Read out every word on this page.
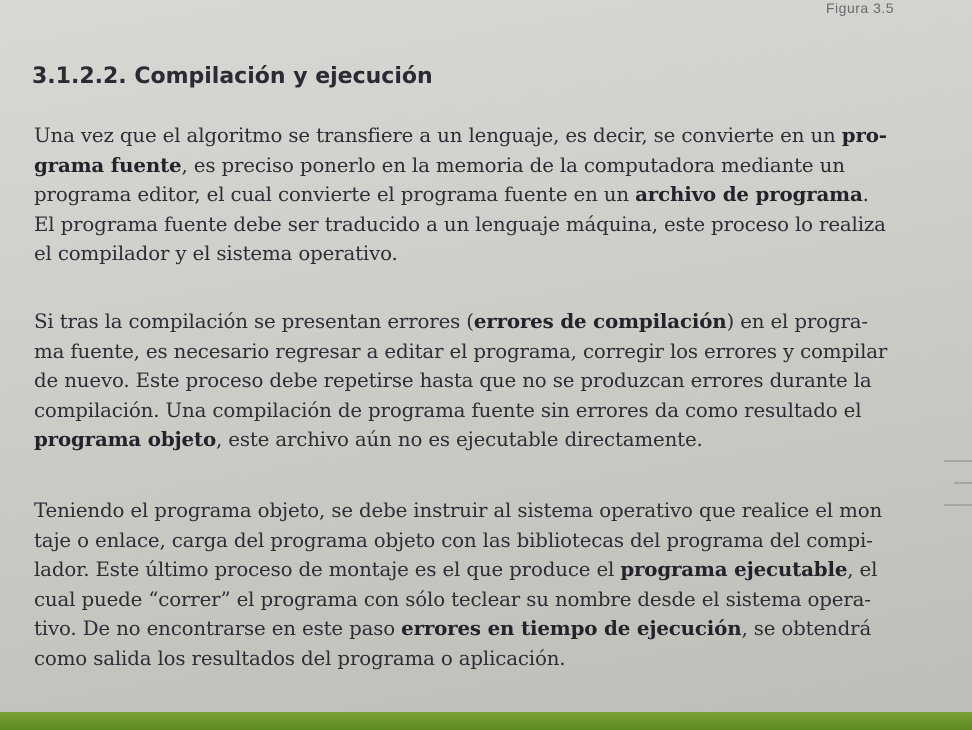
Figura 3.5
3.1.2.2. Compilación y ejecución

Una vez que el algoritmo se transfiere a un lenguaje, es decir, se convierte en un pro-
grama fuente, es preciso ponerlo en la memoria de la computadora mediante un
programa editor, el cual convierte el programa fuente en un archivo de programa.
El programa fuente debe ser traducido a un lenguaje máquina, este proceso lo realiza
el compilador y el sistema operativo.

Si tras la compilación se presentan errores (errores de compilación) en el progra-
ma fuente, es necesario regresar a editar el programa, corregir los errores y compilar
de nuevo. Este proceso debe repetirse hasta que no se produzcan errores durante la
compilación. Una compilación de programa fuente sin errores da como resultado el
programa objeto, este archivo aún no es ejecutable directamente.

Teniendo el programa objeto, se debe instruir al sistema operativo que realice el mon
taje o enlace, carga del programa objeto con las bibliotecas del programa del compi-
lador. Este último proceso de montaje es el que produce el programa ejecutable, el
cual puede “correr” el programa con sólo teclear su nombre desde el sistema opera-
tivo. De no encontrarse en este paso errores en tiempo de ejecución, se obtendrá
como salida los resultados del programa o aplicación.
